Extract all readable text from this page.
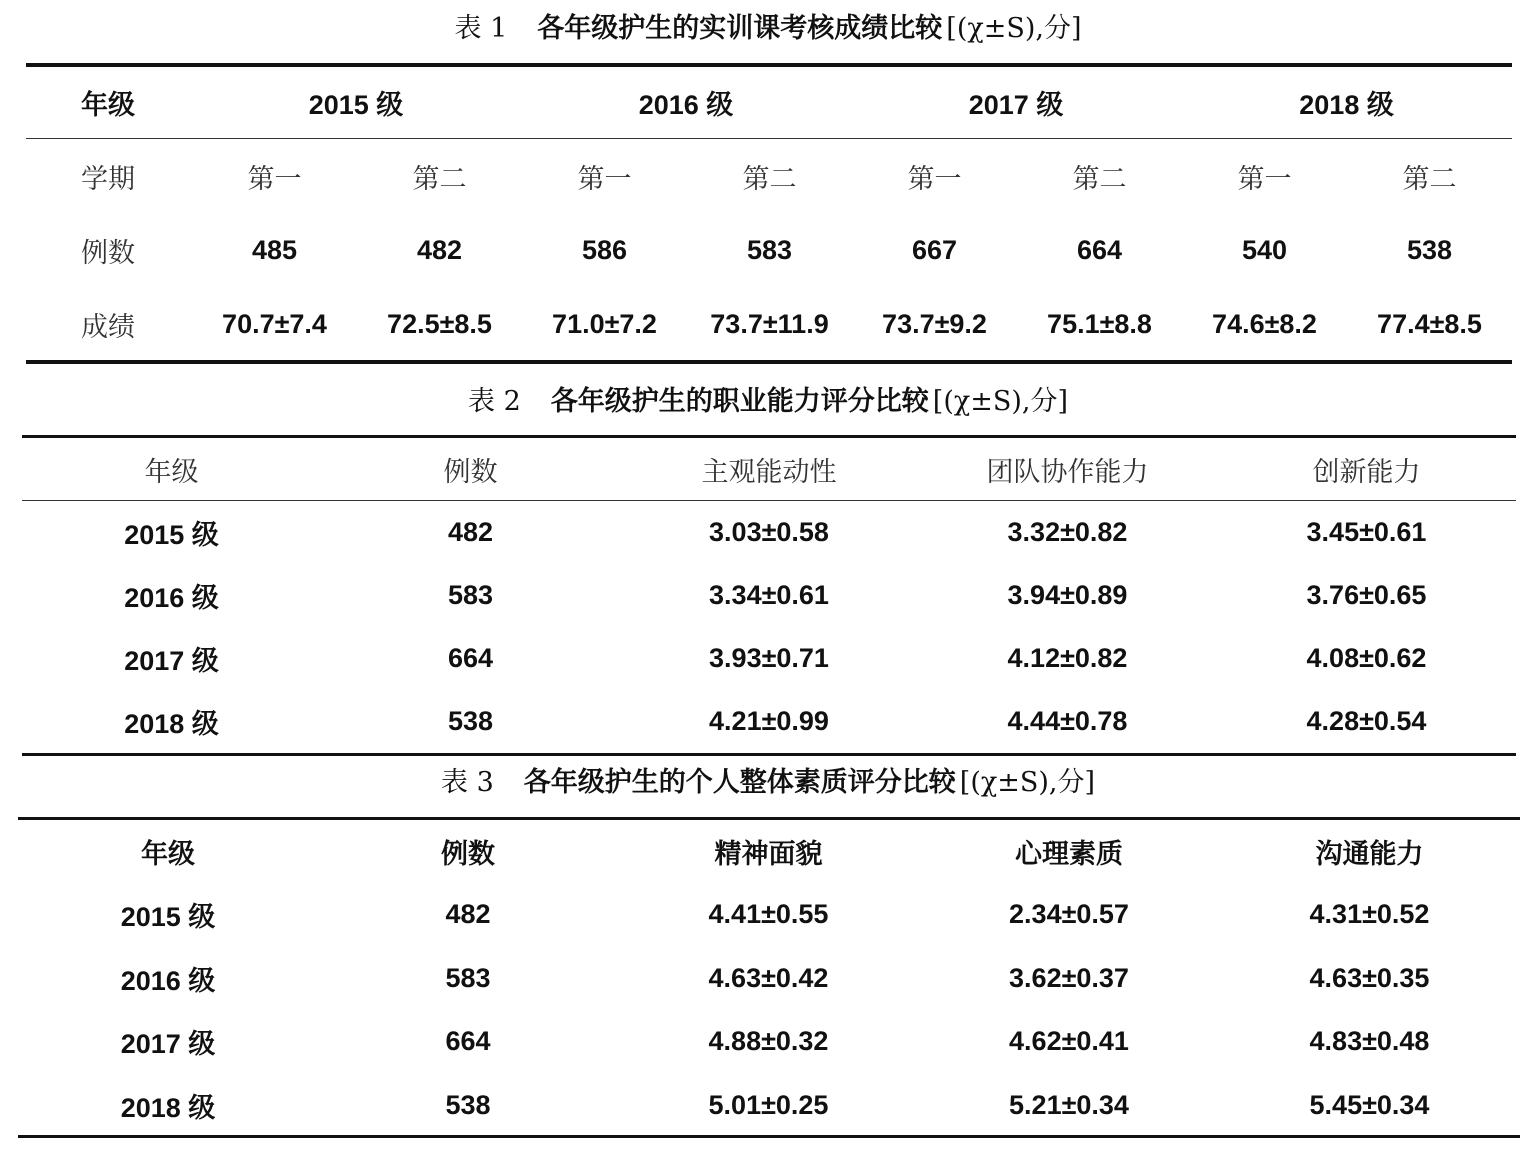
表 1 各年级护生的实训课考核成绩比较 [(χ±S),分]
年级	2015 级	2016 级	2017 级	2018 级
学期	第一	第二	第一	第二	第一	第二	第一	第二
例数	485	482	586	583	667	664	540	538
成绩	70.7±7.4	72.5±8.5	71.0±7.2	73.7±11.9	73.7±9.2	75.1±8.8	74.6±8.2	77.4±8.5
表 2 各年级护生的职业能力评分比较 [(χ±S),分]
年级	例数	主观能动性	团队协作能力	创新能力
2015 级	482	3.03±0.58	3.32±0.82	3.45±0.61
2016 级	583	3.34±0.61	3.94±0.89	3.76±0.65
2017 级	664	3.93±0.71	4.12±0.82	4.08±0.62
2018 级	538	4.21±0.99	4.44±0.78	4.28±0.54
表 3 各年级护生的个人整体素质评分比较 [(χ±S),分]
年级	例数	精神面貌	心理素质	沟通能力
2015 级	482	4.41±0.55	2.34±0.57	4.31±0.52
2016 级	583	4.63±0.42	3.62±0.37	4.63±0.35
2017 级	664	4.88±0.32	4.62±0.41	4.83±0.48
2018 级	538	5.01±0.25	5.21±0.34	5.45±0.34
